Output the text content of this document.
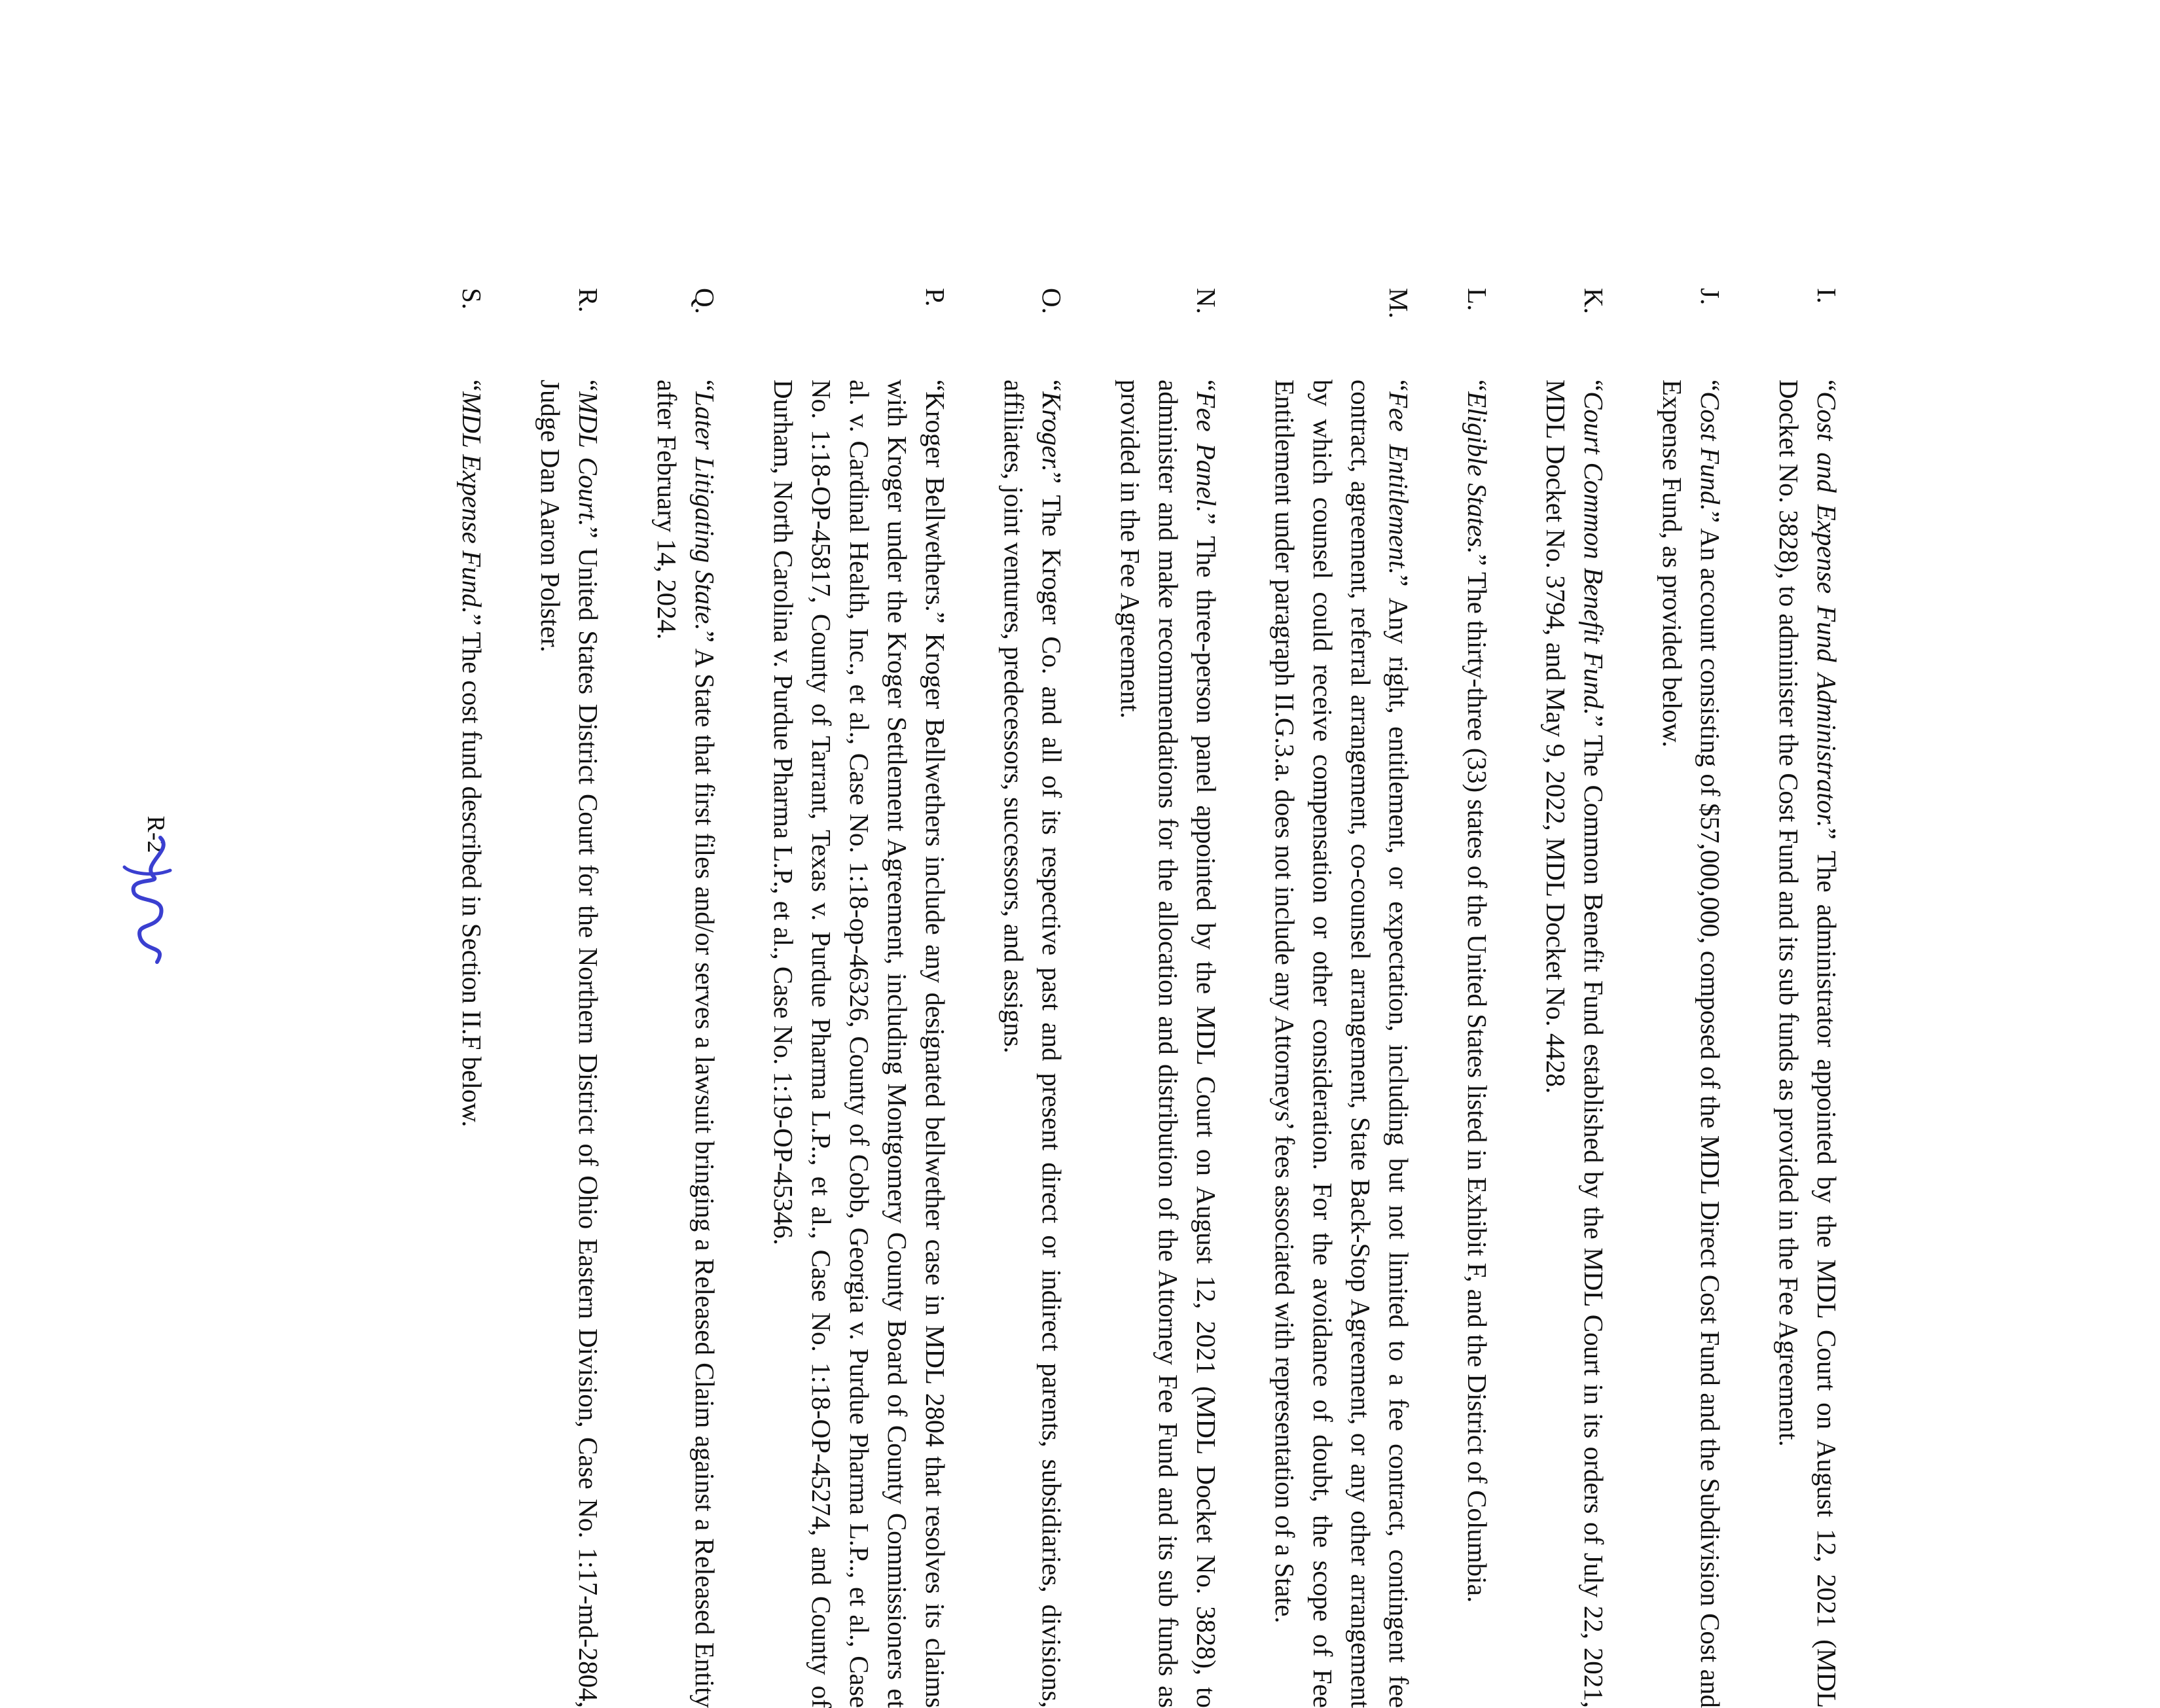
I.
“Cost and Expense Fund Administrator.” The administrator appointed by the MDL Court on August 12, 2021 (MDL Docket No. 3828), to administer the Cost Fund and its sub funds as provided in the Fee Agreement.
J.
“Cost Fund.” An account consisting of $57,000,000, composed of the MDL Direct Cost Fund and the Subdivision Cost and Expense Fund, as provided below.
K.
“Court Common Benefit Fund.” The Common Benefit Fund established by the MDL Court in its orders of July 22, 2021, MDL Docket No. 3794, and May 9, 2022, MDL Docket No. 4428.
L.
“Eligible States.” The thirty-three (33) states of the United States listed in Exhibit F, and the District of Columbia.
M.
“Fee Entitlement.” Any right, entitlement, or expectation, including but not limited to a fee contract, contingent fee contract, agreement, referral arrangement, co-counsel arrangement, State Back-Stop Agreement, or any other arrangement by which counsel could receive compensation or other consideration. For the avoidance of doubt, the scope of Fee Entitlement under paragraph II.G.3.a. does not include any Attorneys’ fees associated with representation of a State.
N.
“Fee Panel.” The three-person panel appointed by the MDL Court on August 12, 2021 (MDL Docket No. 3828), to administer and make recommendations for the allocation and distribution of the Attorney Fee Fund and its sub funds as provided in the Fee Agreement.
O.
“Kroger.” The Kroger Co. and all of its respective past and present direct or indirect parents, subsidiaries, divisions, affiliates, joint ventures, predecessors, successors, and assigns.
P.
“Kroger Bellwethers.” Kroger Bellwethers include any designated bellwether case in MDL 2804 that resolves its claims with Kroger under the Kroger Settlement Agreement, including Montgomery County Board of County Commissioners et al. v. Cardinal Health, Inc., et al., Case No. 1:18-op-46326, County of Cobb, Georgia v. Purdue Pharma L.P.., et al., Case No. 1:18-OP-45817, County of Tarrant, Texas v. Purdue Pharma L.P.., et al., Case No. 1:18-OP-45274, and County of Durham, North Carolina v. Purdue Pharma L.P., et al., Case No. 1:19-OP-45346.
Q.
“Later Litigating State.” A State that first files and/or serves a lawsuit bringing a Released Claim against a Released Entity after February 14, 2024.
R.
“MDL Court.” United States District Court for the Northern District of Ohio Eastern Division, Case No. 1:17-md-2804, Judge Dan Aaron Polster.
S.
“MDL Expense Fund.” The cost fund described in Section II.F below.
R-2
